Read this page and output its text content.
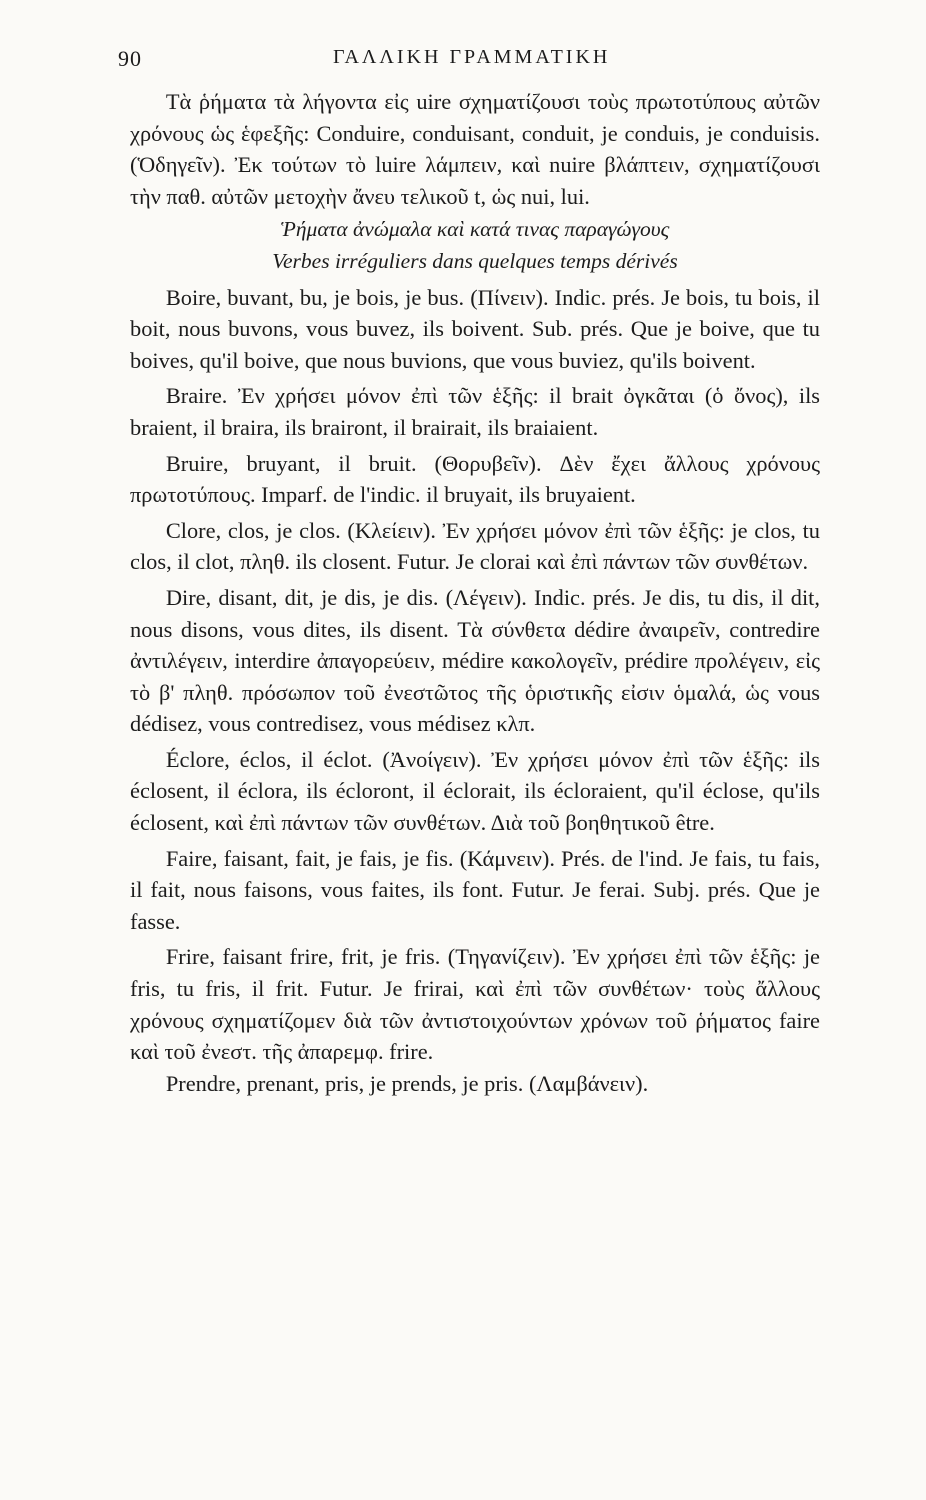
90	ΓΑΛΛΙΚΗ ΓΡΑΜΜΑΤΙΚΗ

Τὰ ῥήματα τὰ λήγοντα εἰς uire σχηματίζουσι τοὺς πρωτοτύπους αὐτῶν χρόνους ὡς ἑφεξῆς: Conduire, conduisant, conduit, je conduis, je conduisis. (Ὁδηγεῖν). Ἐκ τούτων τὸ luire λάμπειν, καὶ nuire βλάπτειν, σχηματίζουσι τὴν παθ. αὐτῶν μετοχὴν ἄνευ τελικοῦ t, ὡς nui, lui.

Ῥήματα ἀνώμαλα καὶ κατά τινας παραγώγους
Verbes irréguliers dans quelques temps dérivés

Boire, buvant, bu, je bois, je bus. (Πίνειν). Indic. prés. Je bois, tu bois, il boit, nous buvons, vous buvez, ils boivent. Sub. prés. Que je boive, que tu boives, qu'il boive, que nous buvions, que vous buviez, qu'ils boivent.

Braire. Ἐν χρήσει μόνον ἐπὶ τῶν ἑξῆς: il brait ὀγκᾶται (ὁ ὄνος), ils braient, il braira, ils brairont, il brairait, ils braiaient.

Bruire, bruyant, il bruit. (Θορυβεῖν). Δὲν ἔχει ἄλλους χρόνους πρωτοτύπους. Imparf. de l'indic. il bruyait, ils bruyaient.

Clore, clos, je clos. (Κλείειν). Ἐν χρήσει μόνον ἐπὶ τῶν ἑξῆς: je clos, tu clos, il clot, πληθ. ils closent. Futur. Je clorai καὶ ἐπὶ πάντων τῶν συνθέτων.

Dire, disant, dit, je dis, je dis. (Λέγειν). Indic. prés. Je dis, tu dis, il dit, nous disons, vous dites, ils disent. Τὰ σύνθετα dédire ἀναιρεῖν, contredire ἀντιλέγειν, interdire ἀπαγορεύειν, médire κακολογεῖν, prédire προλέγειν, εἰς τὸ β' πληθ. πρόσωπον τοῦ ἐνεστῶτος τῆς ὁριστικῆς εἰσιν ὁμαλά, ὡς vous dédisez, vous contredisez, vous médisez κλπ.

Éclore, éclos, il éclot. (Ἀνοίγειν). Ἐν χρήσει μόνον ἐπὶ τῶν ἑξῆς: ils éclosent, il éclora, ils écloront, il éclorait, ils écloraient, qu'il éclose, qu'ils éclosent, καὶ ἐπὶ πάντων τῶν συνθέτων. Διὰ τοῦ βοηθητικοῦ être.

Faire, faisant, fait, je fais, je fis. (Κάμνειν). Prés. de l'ind. Je fais, tu fais, il fait, nous faisons, vous faites, ils font. Futur. Je ferai. Subj. prés. Que je fasse.

Frire, faisant frire, frit, je fris. (Τηγανίζειν). Ἐν χρήσει ἐπὶ τῶν ἑξῆς: je fris, tu fris, il frit. Futur. Je frirai, καὶ ἐπὶ τῶν συνθέτων· τοὺς ἄλλους χρόνους σχηματίζομεν διὰ τῶν ἀντιστοιχούντων χρόνων τοῦ ῥήματος faire καὶ τοῦ ἐνεστ. τῆς ἀπαρεμφ. frire.

Prendre, prenant, pris, je prends, je pris. (Λαμβάνειν).
